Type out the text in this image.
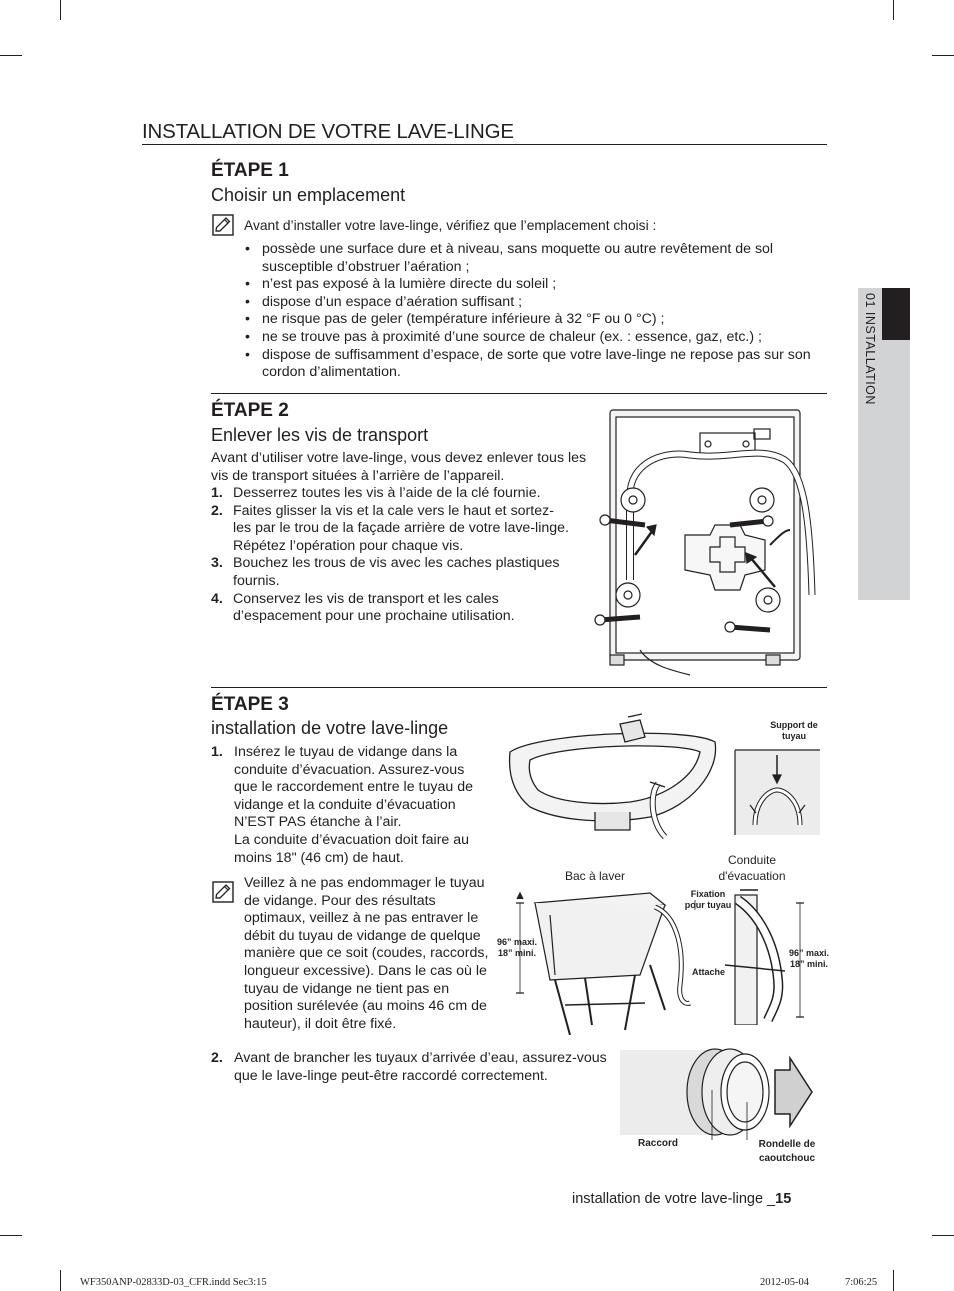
01 INSTALLATION
INSTALLATION DE VOTRE LAVE-LINGE
ÉTAPE 1
Choisir un emplacement
Avant d’installer votre lave-linge, vérifiez que l’emplacement choisi :
• possède une surface dure et à niveau, sans moquette ou autre revêtement de sol susceptible d’obstruer l’aération ;
• n’est pas exposé à la lumière directe du soleil ;
• dispose d’un espace d’aération suffisant ;
• ne risque pas de geler (température inférieure à 32 °F ou 0 °C) ;
• ne se trouve pas à proximité d’une source de chaleur (ex. : essence, gaz, etc.) ;
• dispose de suffisamment d’espace, de sorte que votre lave-linge ne repose pas sur son cordon d’alimentation.
ÉTAPE 2
Enlever les vis de transport
Avant d’utiliser votre lave-linge, vous devez enlever tous les vis de transport situées à l’arrière de l’appareil.
1. Desserrez toutes les vis à l’aide de la clé fournie.
2. Faites glisser la vis et la cale vers le haut et sortez-les par le trou de la façade arrière de votre lave-linge. Répétez l’opération pour chaque vis.
3. Bouchez les trous de vis avec les caches plastiques fournis.
4. Conservez les vis de transport et les cales d’espacement pour une prochaine utilisation.
ÉTAPE 3
installation de votre lave-linge
1. Insérez le tuyau de vidange dans la conduite d’évacuation. Assurez-vous que le raccordement entre le tuyau de vidange et la conduite d’évacuation N’EST PAS étanche à l’air.
La conduite d’évacuation doit faire au moins 18" (46 cm) de haut.
Veillez à ne pas endommager le tuyau de vidange. Pour des résultats optimaux, veillez à ne pas entraver le débit du tuyau de vidange de quelque manière que ce soit (coudes, raccords, longueur excessive). Dans le cas où le tuyau de vidange ne tient pas en position surélevée (au moins 46 cm de hauteur), il doit être fixé.
2. Avant de brancher les tuyaux d’arrivée d’eau, assurez-vous que le lave-linge peut-être raccordé correctement.
Support de tuyau
Bac à laver
96” maxi. 18” mini.
Fixation pour tuyau
Conduite d'évacuation
Attache
96” maxi. 18” mini.
Raccord	Rondelle de caoutchouc
installation de votre lave-linge _15
WF350ANP-02833D-03_CFR.indd Sec3:15	2012-05-04	7:06:25
